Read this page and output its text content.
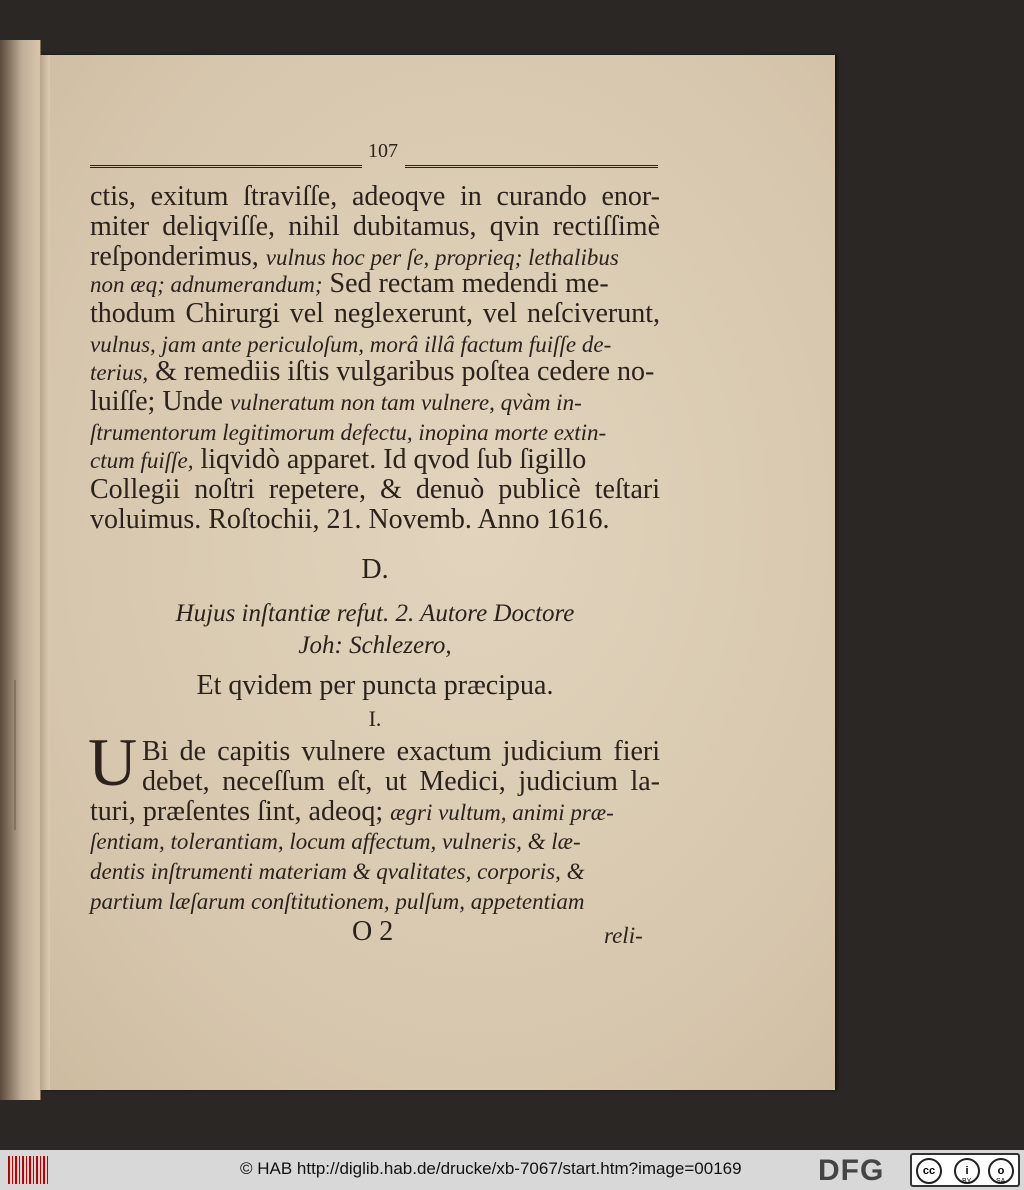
107
ctis, exitum ſtraviſſe, adeoqve in curando enor-
miter deliqviſſe, nihil dubitamus, qvin rectiſſimè
reſponderimus, vulnus hoc per ſe, proprieq; lethalibus
non æq; adnumerandum; Sed rectam medendi me-
thodum Chirurgi vel neglexerunt, vel neſciverunt,
vulnus, jam ante periculoſum, morâ illâ factum fuiſſe de-
terius, & remediis iſtis vulgaribus poſtea cedere no-
luiſſe; Unde vulneratum non tam vulnere, qvàm in-
ſtrumentorum legitimorum defectu, inopina morte extin-
ctum fuiſſe, liqvidò apparet. Id qvod ſub ſigillo
Collegii noſtri repetere, & denuò publicè teſtari
voluimus. Roſtochii, 21. Novemb. Anno 1616.
D.
Hujus inſtantiæ refut. 2. Autore Doctore
Joh: Schlezero,
Et qvidem per puncta præcipua.
I.
U Bi de capitis vulnere exactum judicium fieri
debet, neceſſum eſt, ut Medici, judicium la-
turi, præſentes ſint, adeoq; ægri vultum, animi præ-
ſentiam, tolerantiam, locum affectum, vulneris, & læ-
dentis inſtrumenti materiam & qvalitates, corporis, &
partium læſarum conſtitutionem, pulſum, appetentiam
O 2	reli-
© HAB http://diglib.hab.de/drucke/xb-7067/start.htm?image=00169	DFG	cc	i	o
BY	SA
